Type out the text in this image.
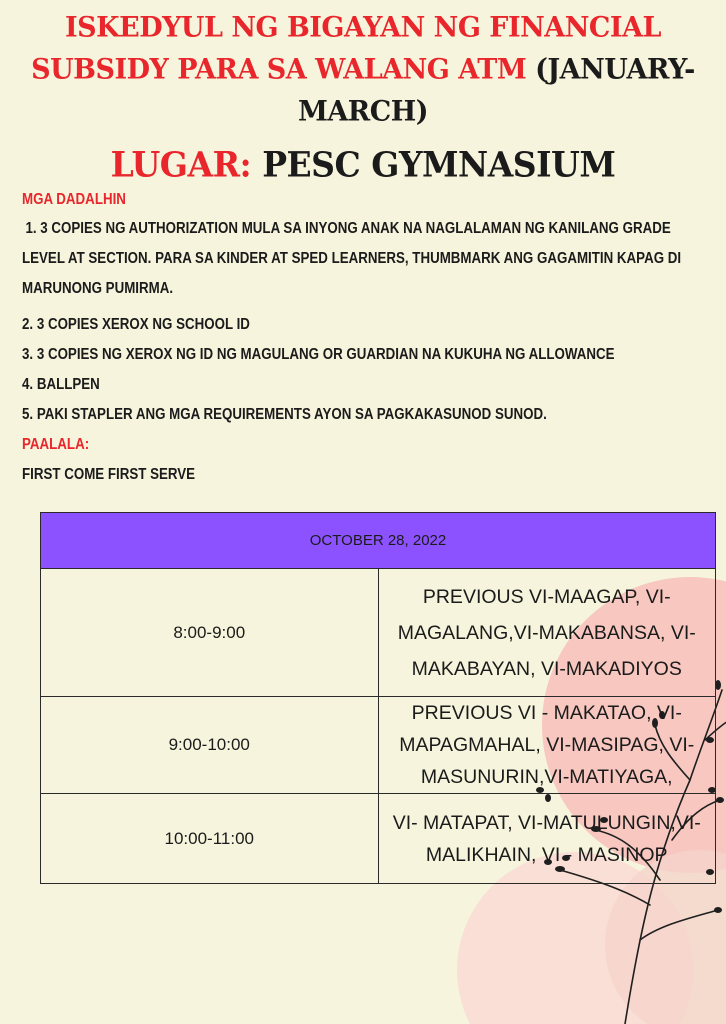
ISKEDYUL NG BIGAYAN NG FINANCIAL SUBSIDY PARA SA WALANG ATM (JANUARY-MARCH)
LUGAR: PESC GYMNASIUM
MGA DADALHIN
1. 3 COPIES NG AUTHORIZATION MULA SA INYONG ANAK NA NAGLALAMAN NG KANILANG GRADE LEVEL AT SECTION. PARA SA KINDER AT SPED LEARNERS, THUMBMARK ANG GAGAMITIN KAPAG DI MARUNONG PUMIRMA.
2. 3 COPIES XEROX NG SCHOOL ID
3. 3 COPIES NG XEROX NG ID NG MAGULANG OR GUARDIAN NA KUKUHA NG ALLOWANCE
4. BALLPEN
5. PAKI STAPLER ANG MGA REQUIREMENTS AYON SA PAGKAKASUNOD SUNOD.
PAALALA:
FIRST COME FIRST SERVE
OCTOBER 28, 2022	
8:00-9:00	PREVIOUS VI-MAAGAP, VI-MAGALANG,VI-MAKABANSA, VI-MAKABAYAN, VI-MAKADIYOS
9:00-10:00	PREVIOUS VI - MAKATAO, VI-MAPAGMAHAL, VI-MASIPAG, VI-MASUNURIN,VI-MATIYAGA,
10:00-11:00	VI- MATAPAT, VI-MATULUNGIN,VI-MALIKHAIN, VI - MASINOP
